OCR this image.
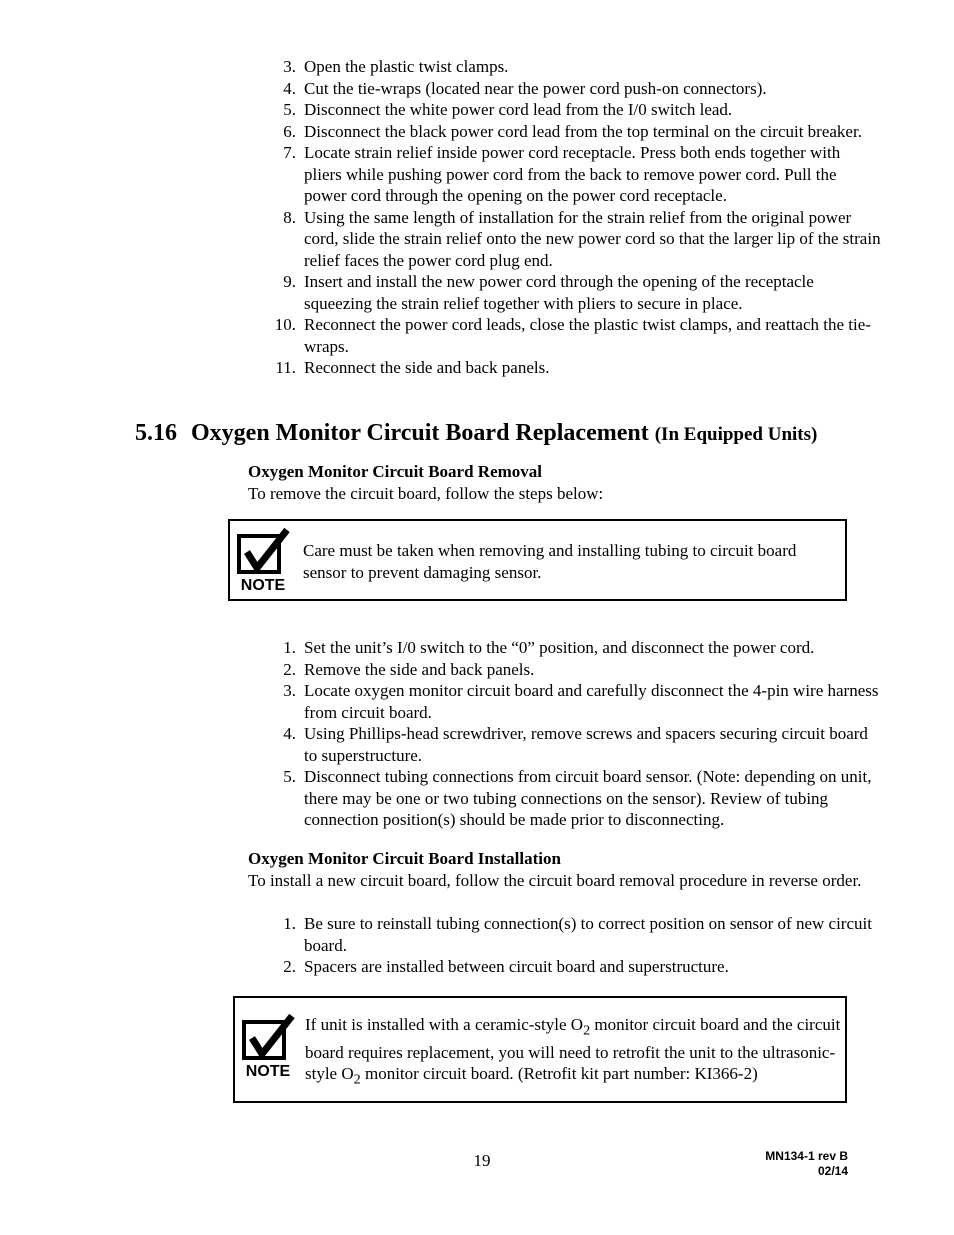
3. Open the plastic twist clamps.
4. Cut the tie-wraps (located near the power cord push-on connectors).
5. Disconnect the white power cord lead from the I/0 switch lead.
6. Disconnect the black power cord lead from the top terminal on the circuit breaker.
7. Locate strain relief inside power cord receptacle. Press both ends together with pliers while pushing power cord from the back to remove power cord. Pull the power cord through the opening on the power cord receptacle.
8. Using the same length of installation for the strain relief from the original power cord, slide the strain relief onto the new power cord so that the larger lip of the strain relief faces the power cord plug end.
9. Insert and install the new power cord through the opening of the receptacle squeezing the strain relief together with pliers to secure in place.
10. Reconnect the power cord leads, close the plastic twist clamps, and reattach the tie-wraps.
11. Reconnect the side and back panels.
5.16 Oxygen Monitor Circuit Board Replacement (In Equipped Units)
Oxygen Monitor Circuit Board Removal

To remove the circuit board, follow the steps below:

NOTE

Care must be taken when removing and installing tubing to circuit board sensor to prevent damaging sensor.

1. Set the unit’s I/0 switch to the “0” position, and disconnect the power cord.
2. Remove the side and back panels.
3. Locate oxygen monitor circuit board and carefully disconnect the 4-pin wire harness from circuit board.
4. Using Phillips-head screwdriver, remove screws and spacers securing circuit board to superstructure.
5. Disconnect tubing connections from circuit board sensor. (Note: depending on unit, there may be one or two tubing connections on the sensor). Review of tubing connection position(s) should be made prior to disconnecting.
Oxygen Monitor Circuit Board Installation

To install a new circuit board, follow the circuit board removal procedure in reverse order.

1. Be sure to reinstall tubing connection(s) to correct position on sensor of new circuit board.
2. Spacers are installed between circuit board and superstructure.
NOTE

If unit is installed with a ceramic-style $O_2$ monitor circuit board and the circuit board requires replacement, you will need to retrofit the unit to the ultrasonic-style $O_2$ monitor circuit board. (Retrofit kit part number: KI366-2)

19	MN134-1 rev B
02/14
